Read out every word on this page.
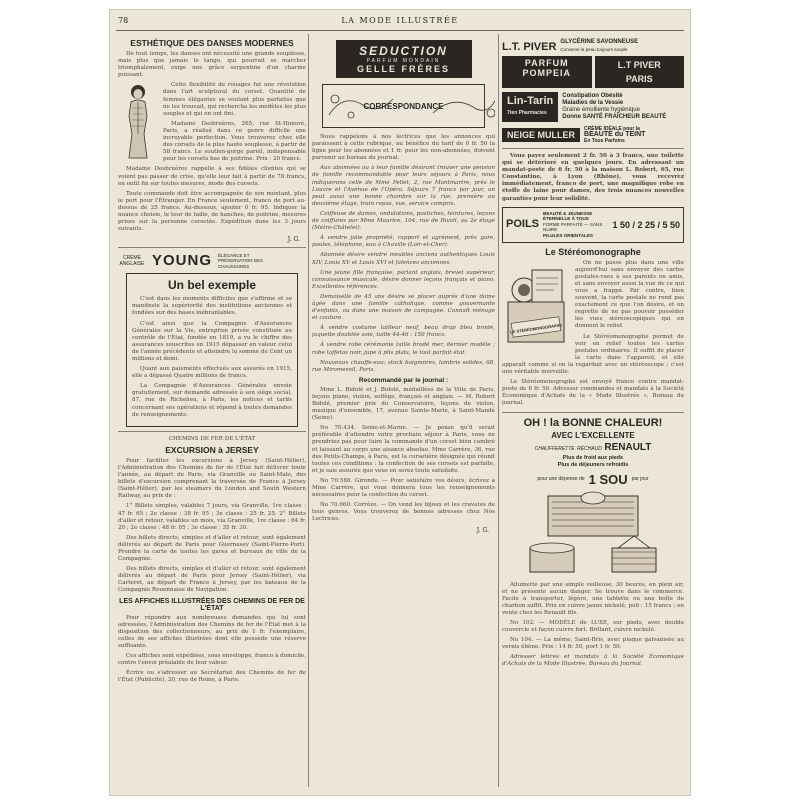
78	LA MODE ILLUSTRÉE
ESTHÉTIQUE DES DANSES MODERNES

De tout temps, les danses ont nécessité une grande souplesse, mais plus que jamais le tango, qui pourrait se marcher triomphalement, exige une grâce serpentine d'un charme puissant.

Cette flexibilité de rouages fut une révolution dans l'art sculptural du corset. Quantité de femmes élégantes se voulant plus parfaites que ne les trouvait, qui rechercha les modèles les plus souples et qui en ont fini.

Madame Desbruères, 265, rue St-Honoré, Paris, a réalisé dans ce genre difficile une incroyable perfection. Vous trouverez chez elle des corsets de la plus haute souplesse, à partir de 58 francs. Le soutien-gorge pareil, indispensable pour les corsets bas de poitrine. Prix : 20 francs.

Madame Desbruères rappelle à ses fidèles clientes qui se voient pas passer de crise, qu'elle leur fait à partir de 78 francs, en outil fin sur toutes mesures, mode des corsets.

Toute commande doit être accompagnée de son montant, plus le port pour l'Étranger. En France seulement, franco de port au-dessus de 25 francs. Au-dessous, ajouter 0 fr. 95. Indiquer la nuance choisie, le tour de taille, de hanches, de poitrine, mesures prises sur la personne corsetée. Expédition dans les 3 jours suivants.

J. G.
CRÈME ANGLAISE YOUNG ÉLÉGANCE ET PRÉSERVATION DES CHAUSSURES
Un bel exemple

C'est dans les moments difficiles que s'affirme et se manifeste la supériorité des institutions anciennes et fondées sur des bases inébranlables.

C'est ainsi que la Compagnie d'Assurances Générales sur la Vie, entreprise privée constituée au contrôle de l'État, fondée en 1819, a vu le chiffre des assurances souscrites en 1915 dépasser en valeur celui de l'année précédente et atteindre la somme de Cent un millions et demi.

Quant aux paiements effectués aux assurés en 1915, elle a dépassé Quatre millions de francs.

La Compagnie d'Assurances Générales envoie gratuitement, sur demande adressée à son siège social, 87, rue de Richelieu, à Paris, les notices et tarifs concernant ses opérations et répond à toutes demandes de renseignements.

CHEMINS DE FER DE L'ÉTAT
EXCURSION à JERSEY

Pour faciliter les excursions à Jersey (Saint-Hélier), l'Administration des Chemins de fer de l'État fait délivrer toute l'année, au départ de Paris, via Granville ou Saint-Malo, des billets d'excursion comprenant la traversée de France à Jersey (Saint-Hélier), par les steamers du London and South Western Railway, au prix de :

1° Billets simples, valables 7 jours, via Granville, 1re classe : 47 fr. 65 ; 2e classe : 38 fr. 95 ; 3e classe : 25 fr. 25. 2° Billets d'aller et retour, valables un mois, via Granville, 1re classe : 64 fr. 20 ; 2e classe : 48 fr. 05 ; 3e classe : 35 fr. 30.

Des billets directs, simples et d'aller et retour, sont également délivrés au départ de Paris pour Guernesey (Saint-Pierre-Port). Prendre la carte de toutes les gares et bureaux de ville de la Compagnie.

Des billets directs, simples et d'aller et retour, sont également délivrés au départ de Paris pour Jersey (Saint-Hélier), via Carteret, au départ de France à Jersey, par les bateaux de la Compagnie Rouennaise de Navigation.

LES AFFICHES ILLUSTRÉES DES CHEMINS DE FER DE L'ÉTAT

Pour répondre aux nombreuses demandes qui lui sont adressées, l'Administration des Chemins de fer de l'État met à la disposition des collectionneurs, au prix de 1 fr. l'exemplaire, celles de ses affiches illustrées dont elle possède une réserve suffisante.

Ces affiches sont expédiées, sous enveloppe, franco à domicile, contre l'envoi préalable de leur valeur.

Écrire ou s'adresser au Secrétariat des Chemins de fer de l'État (Publicité), 20, rue de Rome, à Paris.

SEDUCTION
PARFUM MONDAIN
GELLE FRÈRES
CORRESPONDANCE

Nous rappelons à nos lectrices que les annonces qui paraissent à cette rubrique, au bénéfice du tarif de 0 fr. 50 la ligne pour les abonnées et 1 fr. pour les non-abonnées, doivent parvenir au bureau du journal.

Aux abonnées ou à leur famille désirant trouver une pension de famille recommandable pour leurs séjours à Paris, nous indiquerons celle de Mme Pellet, 2, rue Montmartre, près le Louvre et l'Avenue de l'Opéra. Séjours 7 francs par jour, on peut aussi une bonne chambre sur la rue, première ou deuxième étage, train repas, vue, service compris.

Coiffeuse de dames, ondulations, postiches, teintures, leçons de coiffures par Mme Maurice, 104, rue de Rivoli, au 2e étage (Métro-Châtelet).

À vendre jolie propriété, rapport et agrément, près gare, poules, téléphone, eau à Chaville (Loir-et-Cher).

Abonnée désire vendre meubles anciens authentiques Louis XIV, Louis XV et Louis XVI et faïences anciennes.

Une jeune fille française, parlant anglais, brevet supérieur, connaissance musicale, désire donner leçons français et piano. Excellentes références.

Demoiselle de 45 ans désire se placer auprès d'une dame âgée dans une famille catholique, comme gouvernante d'enfants, ou dans une maison de campagne. Connaît ménage et couture.

À vendre costume tailleur neuf, beau drap bleu brodé, jaquette doublée soie, taille 44-46 : 150 francs.

À vendre robe cérémonie taille brodé mer, dernier modèle ; robe taffetas noir, jupe à plis plats, le tout parfait état.

Nouveaux chauffe-eau; stock baignoires, lambris solides, 68, rue Miromesnil, Paris.

Recommandé par le journal :

Mme L. Bidolé et J. Bidolé, médaillées de la Ville de Paris, leçons piano, violon, solfège, français et anglais. — M. Robert Bidolé, premier prix du Conservatoire, leçons de violon, musique d'ensemble, 17, avenue Sainte-Marie, à Saint-Mandé (Seine).

No 70.434. Seine-et-Marne. — Je pense qu'il serait préférable d'attendre votre prochain séjour à Paris, vous ne prendriez pas pour faire la commande d'un corset bien cambré et laissant au corps une aisance absolue. Mme Carrère, 36, rue des Petits-Champs, à Paris, est la corsetière désignée qui réunit toutes ces conditions : la confection de ses corsets est parfaite, et je sais assurée que vous en serez toute satisfaite.

No 70.588. Gironde. — Pour satisfaire vos désirs, écrivez à Mme Carrère, qui vous donnera tous les renseignements nécessaires pour la confection du corset.

No 70.660. Corrèze. — On vend les bijoux et les cravates de tous genres. Vous trouverez de bonnes adresses chez Nos Lectrices.

J. G.
L.T. PIVER GLYCÉRINE SAVONNEUSE
Conserve la peau toujours souple
PARFUM
POMPEIA
L.T PIVER
PARIS
Lin-Tarin
7ten Pharmacies
Constipation Obésité
Maladies de la Vessie
Graine émolliente hygiénique
Donne SANTÉ FRAÎCHEUR BEAUTÉ
NEIGE MULLER
CRÈME IDÉALE pour la
BEAUTÉ du TEINT
En Tous Parfums

Vous payez seulement 2 fr. 50 à 3 francs, une toilette qui se détérioré en quelques jours. En adressant un mandat-poste de 6 fr. 50 à la maison L. Robert, 65, rue Constantine, à Lyon (Rhône), vous recevrez immédiatement, franco de port, une magnifique robe en étoffe de laine pour dames, des trois nuances nouvelles garanties pour leur solidité.

POILS
BEAUTÉ & JEUNESSE ÉTERNELLE À TOUS
FORME PARFAITE — SANS NUIRE
PILULES ORIENTALES
1 50 / 2 25 / 5 50
Le Stéréomonographe
LE STÉRÉOMONOGRAPHE

On ne passe plus dans une ville aujourd'hui sans envoyer des cartes postales-vues à ses parents ou amis, et sans envoyer aussi la vue de ce qui vous a frappé. Par contre, bien souvent, la carte postale ne rend pas exactement ce que l'on désire, et on regrette de ne pas pouvoir posséder les vues stéréoscopiques qui en donnent le relief.

Le Stéréomonographe permet de voir en relief toutes les cartes postales ordinaires. Il suffit de placer la carte dans l'appareil, et elle apparaît comme si on la regardait avec un stéréoscope ; c'est une véritable merveille.

Le Stéréomonographe est envoyé franco contre mandat-poste de 6 fr. 50. Adresser commandes et mandats à la Société Économique d'Achats de la « Mode Illustrée », Bureau du journal.

OH ! la BONNE CHALEUR!
AVEC L'EXCELLENTE
CHAUFFERETTE RÉCHAUD RENAULT
Plus de froid aux pieds
Plus de déjeuners refroidis
pour une dépense de 1 SOU par jour

Allumette par une simple veilleuse, 30 heures, en plein air, et ne présente aucun danger. Se trouve dans le commerce. Facile à transporter, légère, une tablette ou une boîte de charbon suffit. Prix en cuivre jaune nickelé, poli : 15 francs ; en vente chez les Renault fils.

No 102. — MODÈLE de LUXE, sur pieds, avec double couvercle et façon cuivre fort. Brillant, cuivre nickelé.

No 104. — La même, Saint-Bris, avec plaque galvanisée au vernis ébène. Prix : 14 fr. 50, port 1 fr. 50.

Adresser lettres et mandats à la Société Économique d'Achats de la Mode Illustrée, Bureau du Journal.
